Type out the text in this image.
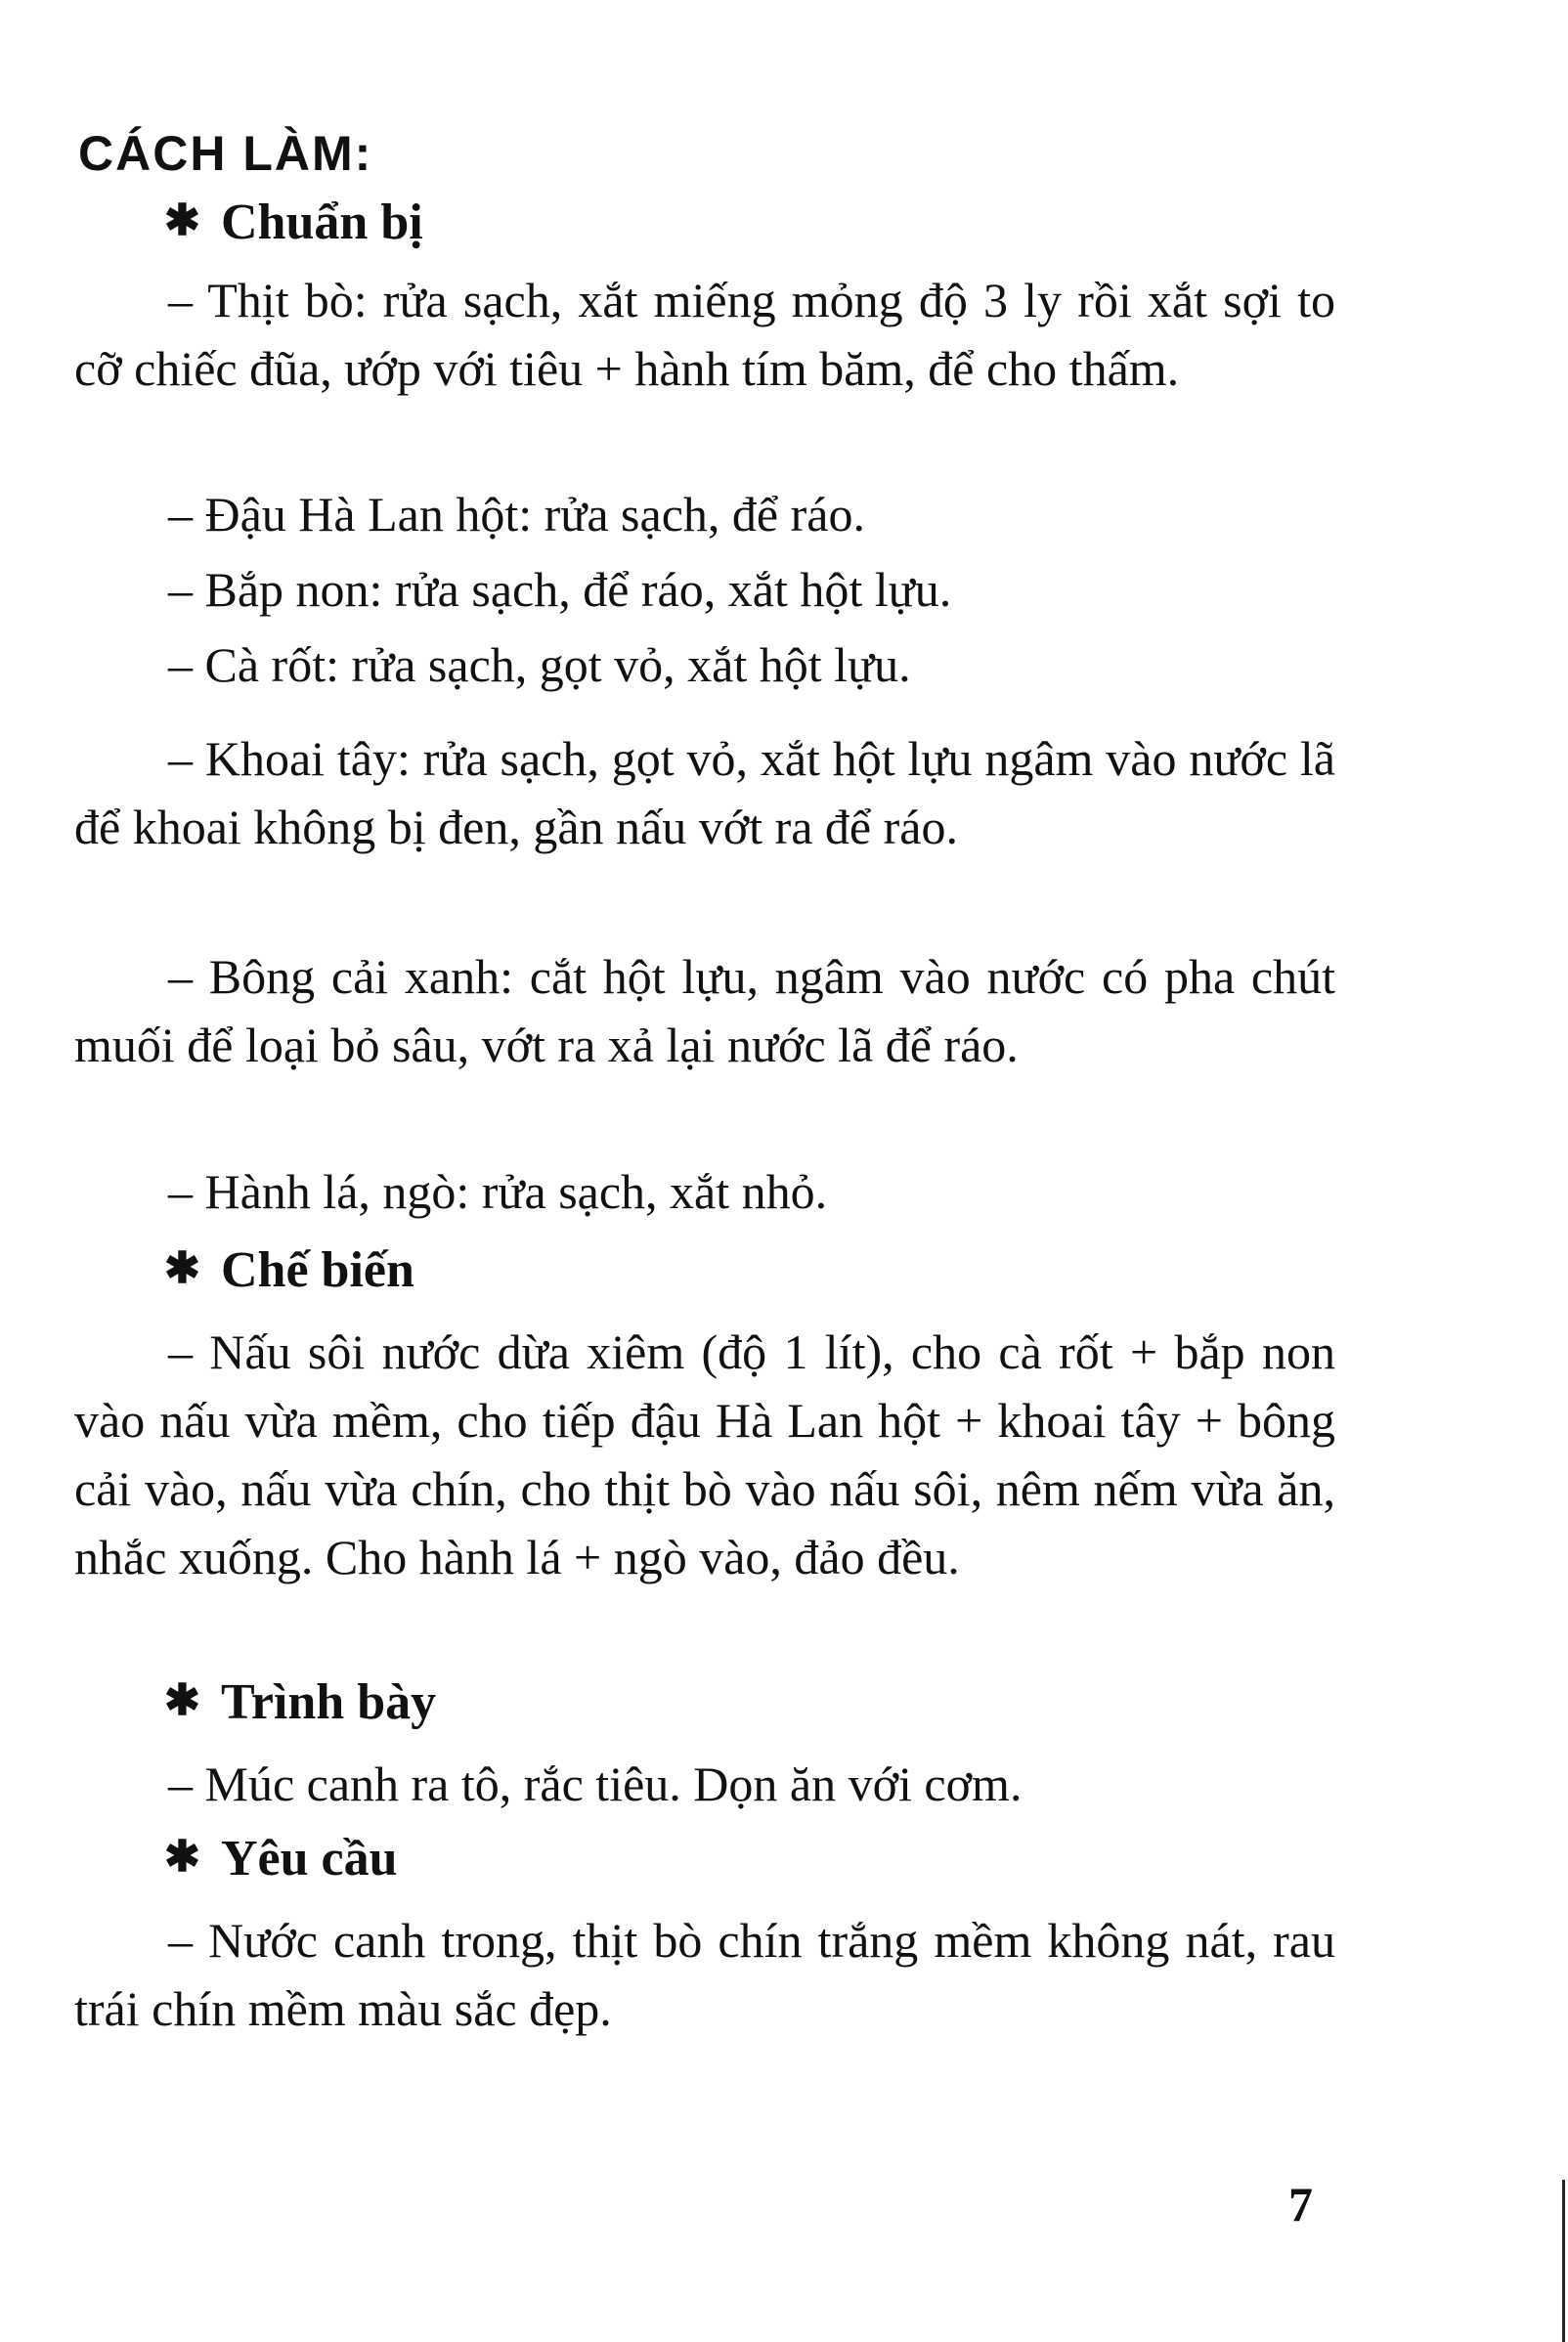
CÁCH LÀM:
✱ Chuẩn bị
– Thịt bò: rửa sạch, xắt miếng mỏng độ 3 ly rồi xắt sợi to cỡ chiếc đũa, ướp với tiêu + hành tím băm, để cho thấm.
– Đậu Hà Lan hột: rửa sạch, để ráo.
– Bắp non: rửa sạch, để ráo, xắt hột lựu.
– Cà rốt: rửa sạch, gọt vỏ, xắt hột lựu.
– Khoai tây: rửa sạch, gọt vỏ, xắt hột lựu ngâm vào nước lã để khoai không bị đen, gần nấu vớt ra để ráo.
– Bông cải xanh: cắt hột lựu, ngâm vào nước có pha chút muối để loại bỏ sâu, vớt ra xả lại nước lã để ráo.
– Hành lá, ngò: rửa sạch, xắt nhỏ.
✱ Chế biến
– Nấu sôi nước dừa xiêm (độ 1 lít), cho cà rốt + bắp non vào nấu vừa mềm, cho tiếp đậu Hà Lan hột + khoai tây + bông cải vào, nấu vừa chín, cho thịt bò vào nấu sôi, nêm nếm vừa ăn, nhắc xuống. Cho hành lá + ngò vào, đảo đều.
✱ Trình bày
– Múc canh ra tô, rắc tiêu. Dọn ăn với cơm.
✱ Yêu cầu
– Nước canh trong, thịt bò chín trắng mềm không nát, rau trái chín mềm màu sắc đẹp.
7
